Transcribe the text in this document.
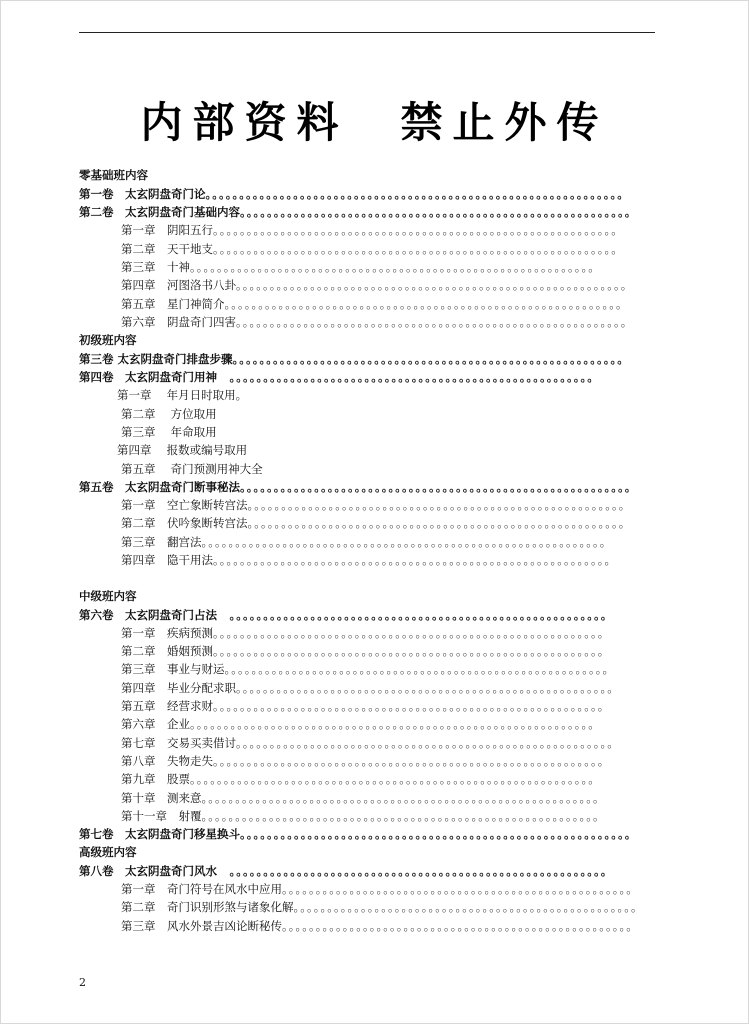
内部资料　禁止外传
零基础班内容
第一卷　太玄阴盘奇门论。。。。。。。。。。。。。。。。。。。。。。。。。。。。。。。。。。。。。。。。。。。。。。。。。。。。。。。。。。。。。。
第二卷　太玄阴盘奇门基础内容。。。。。。。。。。。。。。。。。。。。。。。。。。。。。。。。。。。。。。。。。。。。。。。。。。。。。。。。。。
第一章　阴阳五行。。。。。。。。。。。。。。。。。。。。。。。。。。。。。。。。。。。。。。。。。。。。。。。。。。。。。。。。。。。。
第二章　天干地支。。。。。。。。。。。。。。。。。。。。。。。。。。。。。。。。。。。。。。。。。。。。。。。。。。。。。。。。。。。。
第三章　十神。。。。。。。。。。。。。。。。。。。。。。。。。。。。。。。。。。。。。。。。。。。。。。。。。。。。。。。。。。。。
第四章　河图洛书八卦。。。。。。。。。。。。。。。。。。。。。。。。。。。。。。。。。。。。。。。。。。。。。。。。。。。。。。。。。。
第五章　星门神简介。。。。。。。。。。。。。。。。。。。。。。。。。。。。。。。。。。。。。。。。。。。。。。。。。。。。。。。。。。。
第六章　阴盘奇门四害。。。。。。。。。。。。。。。。。。。。。。。。。。。。。。。。。。。。。。。。。。。。。。。。。。。。。。。。。。
初级班内容
第三卷 太玄阴盘奇门排盘步骤。。。。。。。。。。。。。。。。。。。。。。。。。。。。。。。。。。。。。。。。。。。。。。。。。。。。。。。。。。
第四卷　太玄阴盘奇门用神　。。。。。。。。。。。。。。。。。。。。。。。。。。。。。。。。。。。。。。。。。。。。。。。。。。。。。。
第一章　 年月日时取用。
第二章　 方位取用
第三章　 年命取用
第四章　 报数或编号取用
第五章　 奇门预测用神大全
第五卷　太玄阴盘奇门断事秘法。。。。。。。。。。。。。。。。。。。。。。。。。。。。。。。。。。。。。。。。。。。。。。。。。。。。。。。。。。
第一章　空亡象断转宫法。。。。。。。。。。。。。。。。。。。。。。。。。。。。。。。。。。。。。。。。。。。。。。。。。。。。。。。。
第二章　伏吟象断转宫法。。。。。。。。。。。。。。。。。。。。。。。。。。。。。。。。。。。。。。。。。。。。。。。。。。。。。。。。
第三章　翻宫法。。。。。。。。。。。。。。。。。。。。。。。。。。。。。。。。。。。。。。。。。。。。。。。。。。。。。。。。。。。。
第四章　隐干用法。。。。。。。。。。。。。。。。。。。。。。。。。。。。。。。。。。。。。。。。。。。。。。。。。。。。。。。。。。。
中级班内容
第六卷　太玄阴盘奇门占法　。。。。。。。。。。。。。。。。。。。。。。。。。。。。。。。。。。。。。。。。。。。。。。。。。。。。。。。。
第一章　疾病预测。。。。。。。。。。。。。。。。。。。。。。。。。。。。。。。。。。。。。。。。。。。。。。。。。。。。。。。。。。
第二章　婚姻预测。。。。。。。。。。。。。。。。。。。。。。。。。。。。。。。。。。。。。。。。。。。。。。。。。。。。。。。。。。
第三章　事业与财运。。。。。。。。。。。。。。。。。。。。。。。。。。。。。。。。。。。。。。。。。。。。。。。。。。。。。。。。。
第四章　毕业分配求职。。。。。。。。。。。。。。。。。。。。。。。。。。。。。。。。。。。。。。。。。。。。。。。。。。。。。。。。
第五章　经营求财。。。。。。。。。。。。。。。。。。。。。。。。。。。。。。。。。。。。。。。。。。。。。。。。。。。。。。。。。。
第六章　企业。。。。。。。。。。。。。。。。。。。。。。。。。。。。。。。。。。。。。。。。。。。。。。。。。。。。。。。。。。。。
第七章　交易买卖借讨。。。。。。。。。。。。。。。。。。。。。。。。。。。。。。。。。。。。。。。。。。。。。。。。。。。。。。。。
第八章　失物走失。。。。。。。。。。。。。。。。。。。。。。。。。。。。。。。。。。。。。。。。。。。。。。。。。。。。。。。。。。
第九章　股票。。。。。。。。。。。。。。。。。。。。。。。。。。。。。。。。。。。。。。。。。。。。。。。。。。。。。。。。。。。。
第十章　测来意。。。。。。。。。。。。。。。。。。。。。。。。。。。。。。。。。。。。。。。。。。。。。。。。。。。。。。。。。。。
第十一章　射覆。。。。。。。。。。。。。。。。。。。。。。。。。。。。。。。。。。。。。。。。。。。。。。。。。。。。。。。。。。。
第七卷　太玄阴盘奇门移星换斗。。。。。。。。。。。。。。。。。。。。。。。。。。。。。。。。。。。。。。。。。。。。。。。。。。。。。。。。。。
高级班内容
第八卷　太玄阴盘奇门风水　。。。。。。。。。。。。。。。。。。。。。。。。。。。。。。。。。。。。。。。。。。。。。。。。。。。。。。。。
第一章　奇门符号在风水中应用。。。。。。。。。。。。。。。。。。。。。。。。。。。。。。。。。。。。。。。。。。。。。。。。。。。。
第二章　奇门识别形煞与诸象化解。。。。。。。。。。。。。。。。。。。。。。。。。。。。。。。。。。。。。。。。。。。。。。。。。。。
第三章　风水外景吉凶论断秘传。。。。。。。。。。。。。。。。。。。。。。。。。。。。。。。。。。。。。。。。。。。。。。。。。。。。
2
